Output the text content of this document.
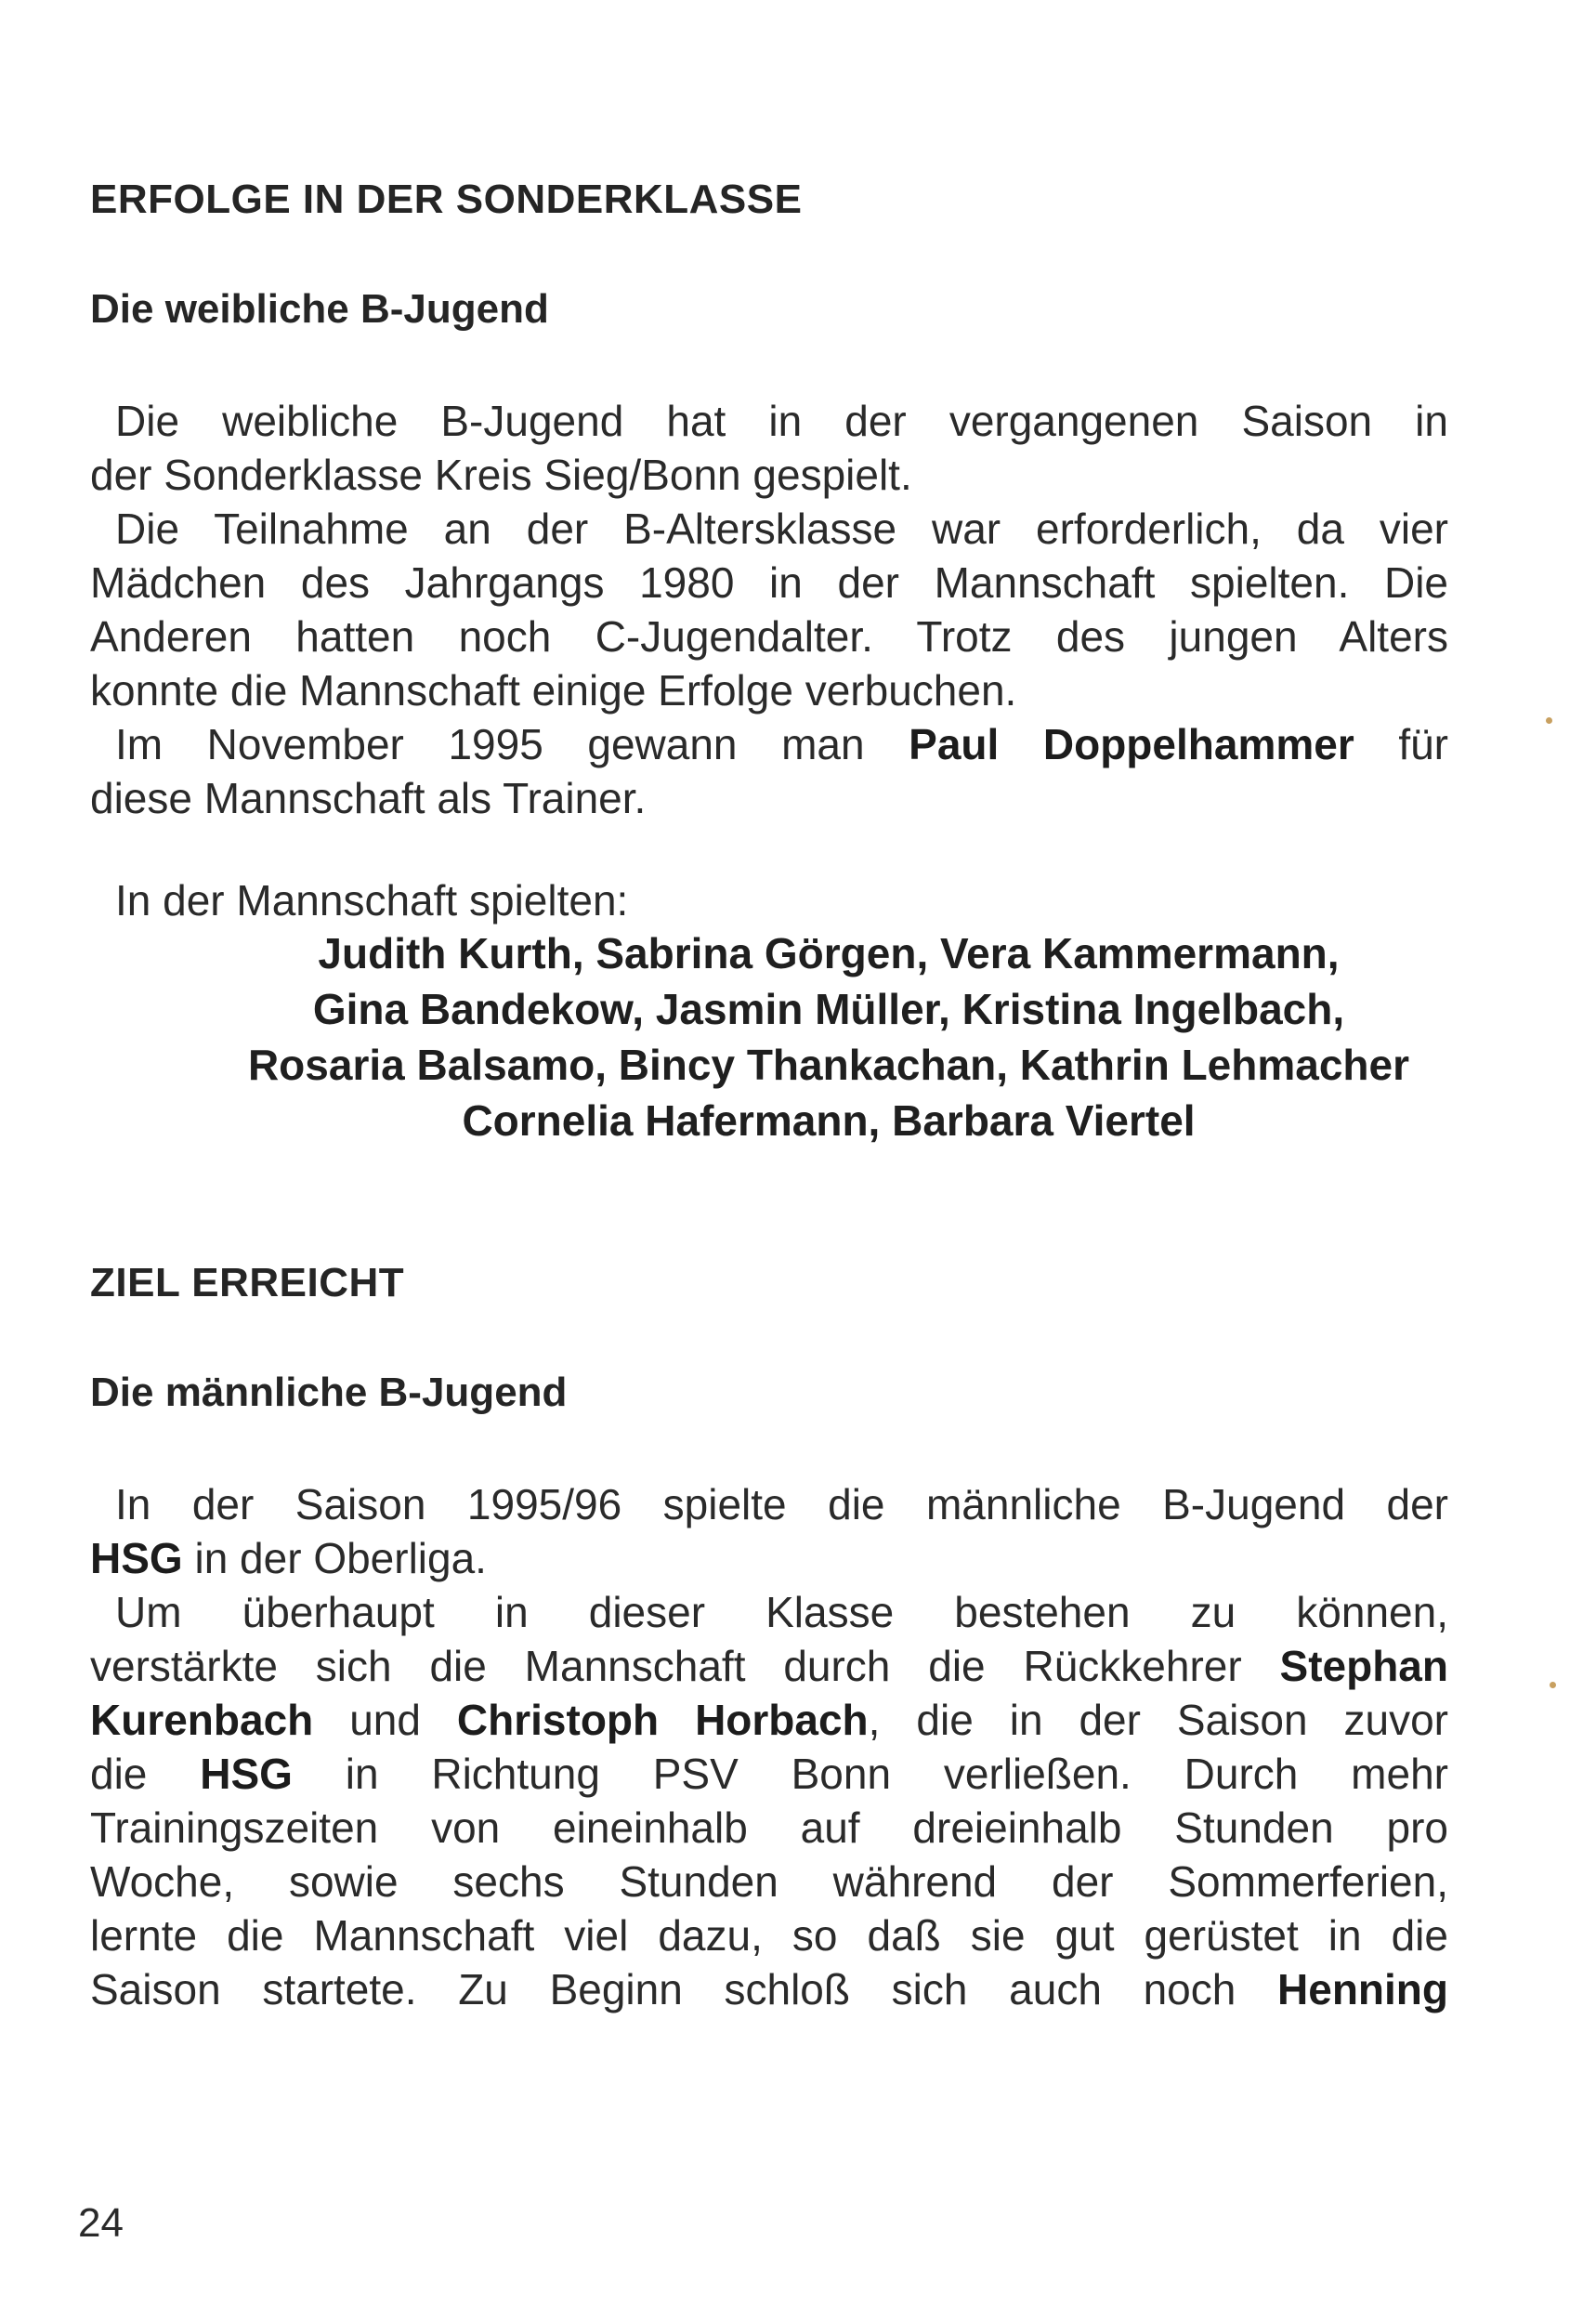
ERFOLGE IN DER SONDERKLASSE
Die weibliche B-Jugend
Die weibliche B-Jugend hat in der vergangenen Saison in
der Sonderklasse Kreis Sieg/Bonn gespielt.
Die Teilnahme an der B-Altersklasse war erforderlich, da vier
Mädchen des Jahrgangs 1980 in der Mannschaft spielten. Die
Anderen hatten noch C-Jugendalter. Trotz des jungen Alters
konnte die Mannschaft einige Erfolge verbuchen.
Im November 1995 gewann man Paul Doppelhammer für
diese Mannschaft als Trainer.
In der Mannschaft spielten:
Judith Kurth, Sabrina Görgen, Vera Kammermann,
Gina Bandekow, Jasmin Müller, Kristina Ingelbach,
Rosaria Balsamo, Bincy Thankachan, Kathrin Lehmacher
Cornelia Hafermann, Barbara Viertel
ZIEL ERREICHT
Die männliche B-Jugend
In der Saison 1995/96 spielte die männliche B-Jugend der
HSG in der Oberliga.
Um überhaupt in dieser Klasse bestehen zu können,
verstärkte sich die Mannschaft durch die Rückkehrer Stephan
Kurenbach und Christoph Horbach, die in der Saison zuvor
die HSG in Richtung PSV Bonn verließen. Durch mehr
Trainingszeiten von eineinhalb auf dreieinhalb Stunden pro
Woche, sowie sechs Stunden während der Sommerferien,
lernte die Mannschaft viel dazu, so daß sie gut gerüstet in die
Saison startete. Zu Beginn schloß sich auch noch Henning
24
